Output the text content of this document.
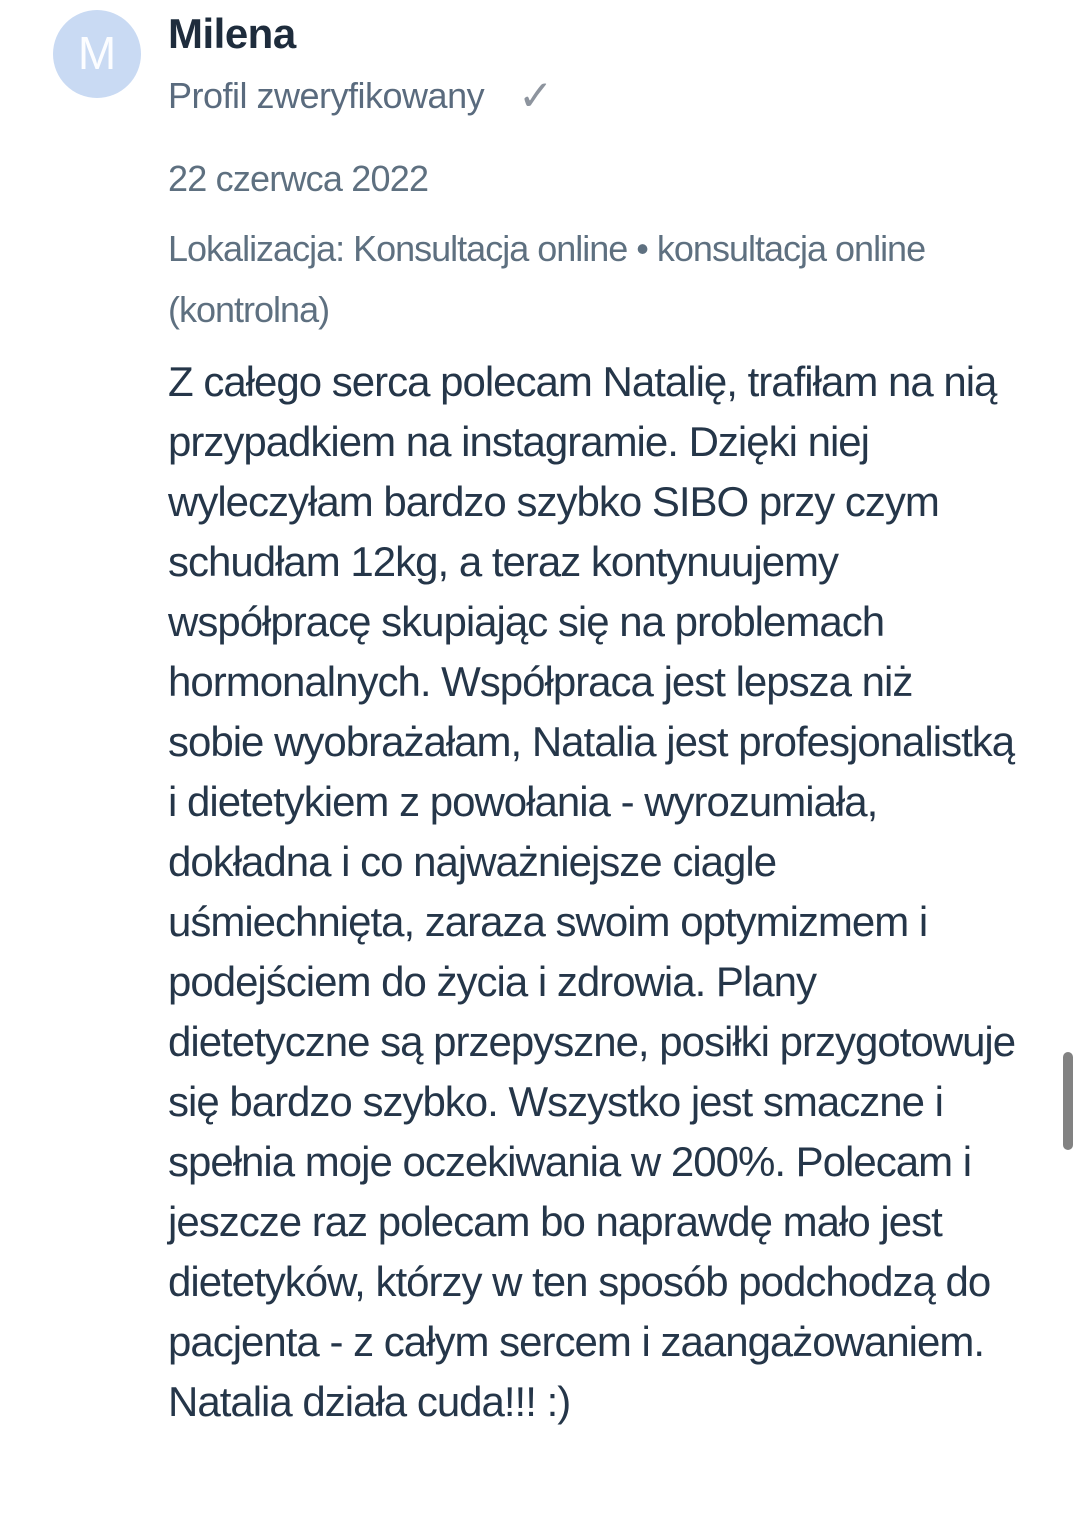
M Milena
Profil zweryfikowany ✓
22 czerwca 2022
Lokalizacja: Konsultacja online • konsultacja online (kontrolna)
Z całego serca polecam Natalię, trafiłam na nią przypadkiem na instagramie. Dzięki niej wyleczyłam bardzo szybko SIBO przy czym schudłam 12kg, a teraz kontynuujemy współpracę skupiając się na problemach hormonalnych. Współpraca jest lepsza niż sobie wyobrażałam, Natalia jest profesjonalistką i dietetykiem z powołania - wyrozumiała, dokładna i co najważniejsze ciagle uśmiechnięta, zaraza swoim optymizmem i podejściem do życia i zdrowia. Plany dietetyczne są przepyszne, posiłki przygotowuje się bardzo szybko. Wszystko jest smaczne i spełnia moje oczekiwania w 200%. Polecam i jeszcze raz polecam bo naprawdę mało jest dietetyków, którzy w ten sposób podchodzą do pacjenta - z całym sercem i zaangażowaniem. Natalia działa cuda!!! :)
